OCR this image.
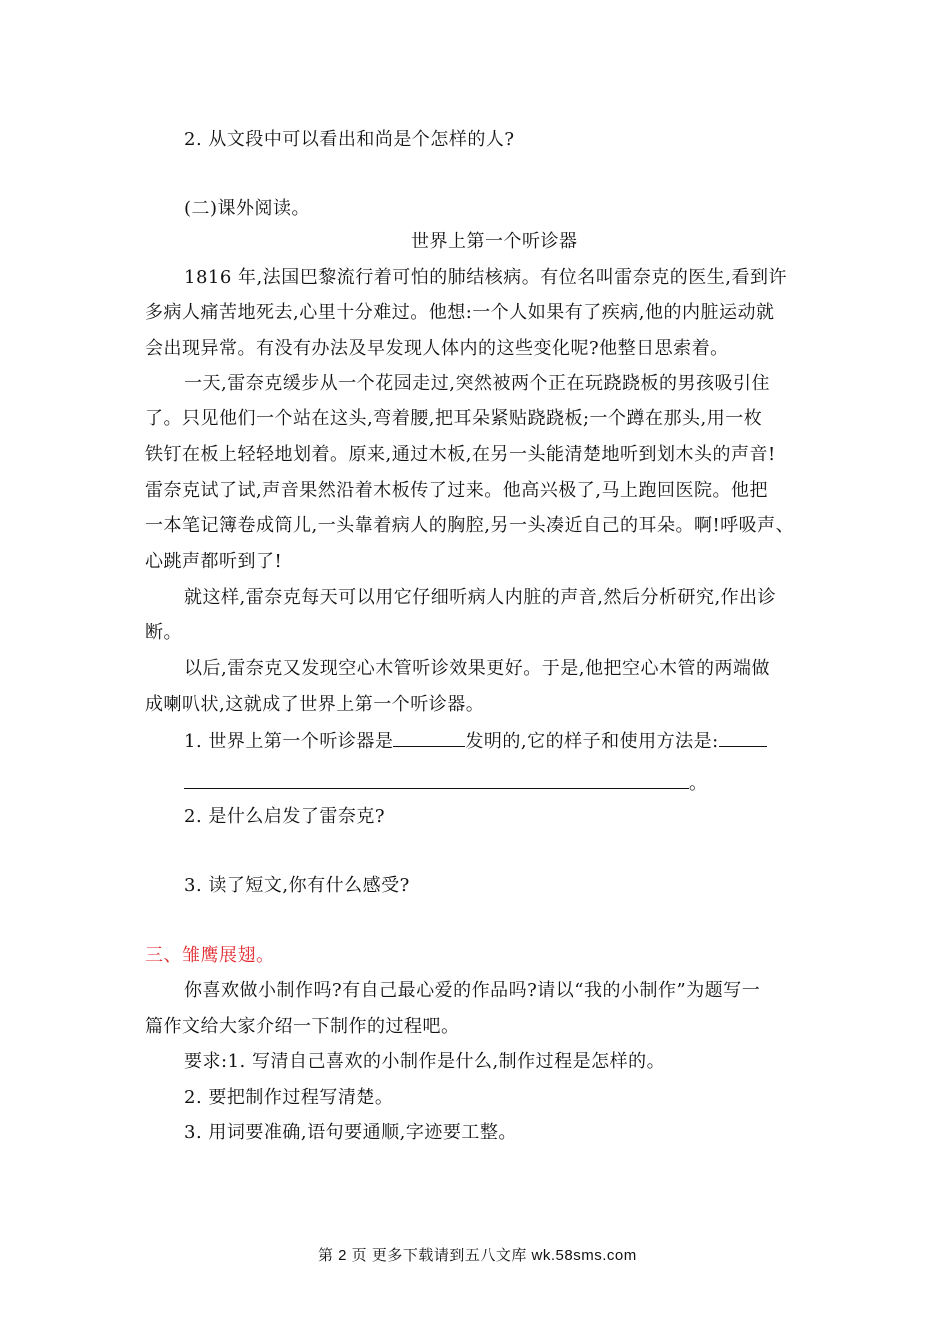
2. 从文段中可以看出和尚是个怎样的人?
(二)课外阅读。
世界上第一个听诊器
1816 年,法国巴黎流行着可怕的肺结核病。有位名叫雷奈克的医生,看到许
多病人痛苦地死去,心里十分难过。他想:一个人如果有了疾病,他的内脏运动就
会出现异常。有没有办法及早发现人体内的这些变化呢?他整日思索着。
一天,雷奈克缓步从一个花园走过,突然被两个正在玩跷跷板的男孩吸引住
了。只见他们一个站在这头,弯着腰,把耳朵紧贴跷跷板;一个蹲在那头,用一枚
铁钉在板上轻轻地划着。原来,通过木板,在另一头能清楚地听到划木头的声音!
雷奈克试了试,声音果然沿着木板传了过来。他高兴极了,马上跑回医院。他把
一本笔记簿卷成筒儿,一头靠着病人的胸腔,另一头凑近自己的耳朵。啊!呼吸声、
心跳声都听到了!
就这样,雷奈克每天可以用它仔细听病人内脏的声音,然后分析研究,作出诊
断。
以后,雷奈克又发现空心木管听诊效果更好。于是,他把空心木管的两端做
成喇叭状,这就成了世界上第一个听诊器。
1. 世界上第一个听诊器是	发明的,它的样子和使用方法是:
。
2. 是什么启发了雷奈克?
3. 读了短文,你有什么感受?
三、雏鹰展翅。
你喜欢做小制作吗?有自己最心爱的作品吗?请以“我的小制作”为题写一
篇作文给大家介绍一下制作的过程吧。
要求:1. 写清自己喜欢的小制作是什么,制作过程是怎样的。
2. 要把制作过程写清楚。
3. 用词要准确,语句要通顺,字迹要工整。
第 2 页 更多下载请到五八文库 wk.58sms.com
